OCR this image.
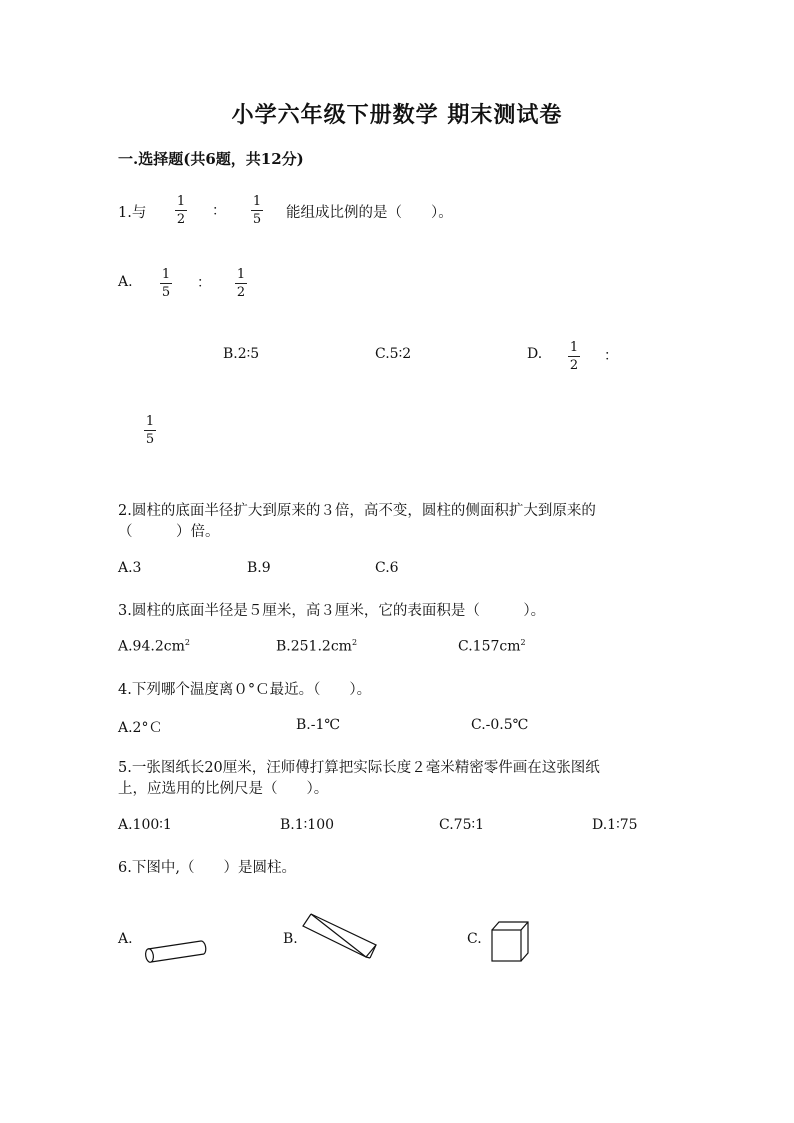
小学六年级下册数学 期末测试卷
一.选择题(共6题，共12分)
1.与
1
2
：
1
5 能组成比例的是（　　）。
A. 1
5
：
1
2
B.2∶5	C.5∶2	D. 1
2
：
1
5
2.圆柱的底面半径扩大到原来的３倍，高不变，圆柱的侧面积扩大到原来的
（　　　）倍。
A.3	B.9	C.6
3.圆柱的底面半径是５厘米，高３厘米，它的表面积是（　　　）。
$A.94.2cm^2$	$B.251.2cm^2$	$C.157cm^2$
4.下列哪个温度离０°Ｃ最近。（　　）。
A.2°Ｃ	B.-1℃	C.-0.5℃
5.一张图纸长20厘米，汪师傅打算把实际长度２毫米精密零件画在这张图纸
上，应选用的比例尺是（　　）。
A.100∶1	B.1∶100	C.75∶1	D.1∶75
6.下图中,（　　）是圆柱。
A.	B.	C.
